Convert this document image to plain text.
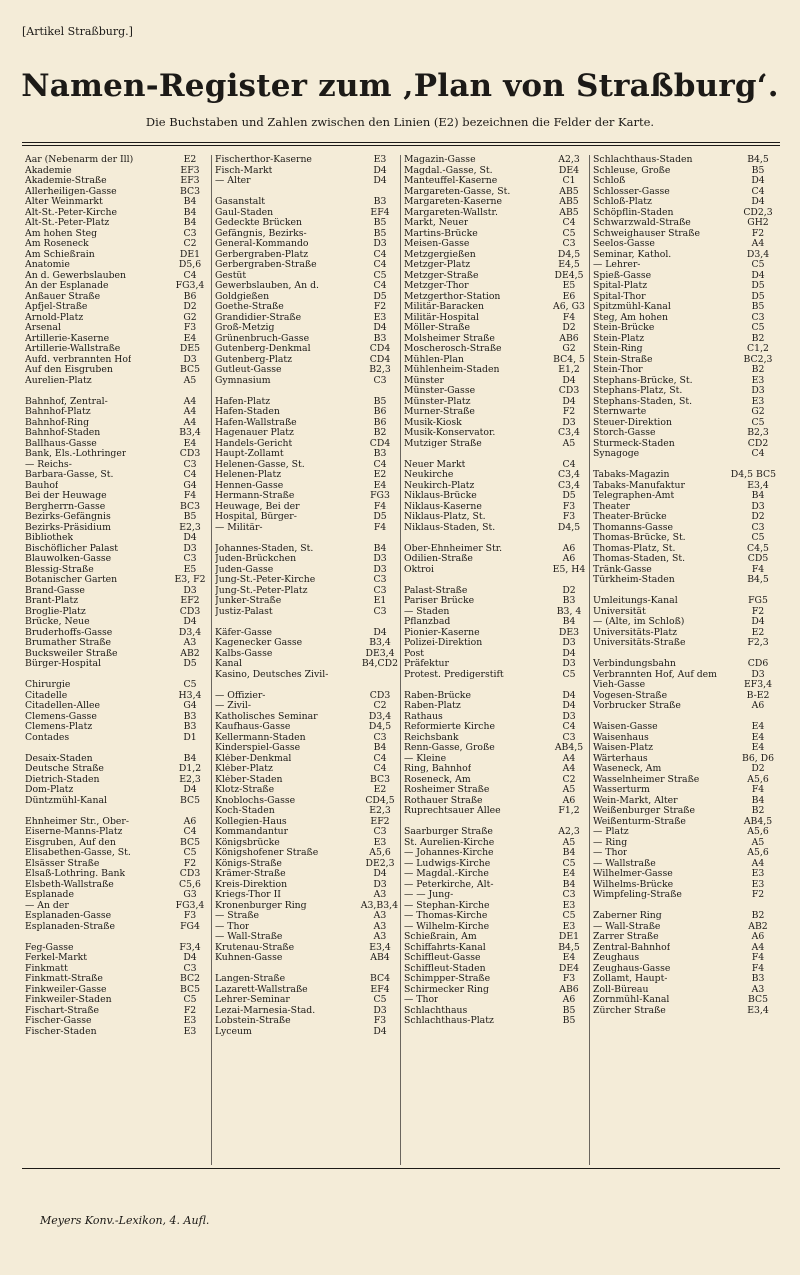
[Artikel Straßburg.]
Namen-Register zum ‚Plan von Straßburg‘.
Die Buchstaben und Zahlen zwischen den Linien (E2) bezeichnen die Felder der Karte.
Aar (Nebenarm der Ill)	E2
Akademie	EF3
Akademie-Straße	EF3
Allerheiligen-Gasse	BC3
Alter Weinmarkt	B4
Alt-St.-Peter-Kirche	B4
Alt-St.-Peter-Platz	B4
Am hohen Steg	C3
Am Roseneck	C2
Am Schießrain	DE1
Anatomie	D5,6
An d. Gewerbslauben	C4
An der Esplanade	FG3,4
Anßauer Straße	B6
Apfjel-Straße	D2
Arnold-Platz	G2
Arsenal	F3
Artillerie-Kaserne	E4
Artillerie-Wallstraße	DE5
Aufd. verbrannten Hof	D3
Auf den Eisgruben	BC5
Aurelien-Platz	A5
Bahnhof, Zentral-	A4
Bahnhof-Platz	A4
Bahnhof-Ring	A4
Bahnhof-Staden	B3,4
Ballhaus-Gasse	E4
Bank, Els.-Lothringer	CD3
— Reichs-	C3
Barbara-Gasse, St.	C4
Bauhof	G4
Bei der Heuwage	F4
Bergherrn-Gasse	BC3
Bezirks-Gefängnis	B5
Bezirks-Präsidium	E2,3
Bibliothek	D4
Bischöflicher Palast	D3
Blauwolken-Gasse	C3
Blessig-Straße	E5
Botanischer Garten	E3, F2
Brand-Gasse	D3
Brant-Platz	EF2
Broglie-Platz	CD3
Brücke, Neue	D4
Bruderhoffs-Gasse	D3,4
Brumather Straße	A3
Bucksweiler Straße	AB2
Bürger-Hospital	D5
Chirurgie	C5
Citadelle	H3,4
Citadellen-Allee	G4
Clemens-Gasse	B3
Clemens-Platz	B3
Contades	D1
Desaix-Staden	B4
Deutsche Straße	D1,2
Dietrich-Staden	E2,3
Dom-Platz	D4
Düntzmühl-Kanal	BC5
Ehnheimer Str., Ober-	A6
Eiserne-Manns-Platz	C4
Eisgruben, Auf den	BC5
Elisabethen-Gasse, St.	C5
Elsässer Straße	F2
Elsaß-Lothring. Bank	CD3
Elsbeth-Wallstraße	C5,6
Esplanade	G3
— An der	FG3,4
Esplanaden-Gasse	F3
Esplanaden-Straße	FG4
Feg-Gasse	F3,4
Ferkel-Markt	D4
Finkmatt	C3
Finkmatt-Straße	BC2
Finkweiler-Gasse	BC5
Finkweiler-Staden	C5
Fischart-Straße	F2
Fischer-Gasse	E3
Fischer-Staden	E3
Fischerthor-Kaserne	E3
Fisch-Markt	D4
— Alter	D4
Gasanstalt	B3
Gaul-Staden	EF4
Gedeckte Brücken	B5
Gefängnis, Bezirks-	B5
General-Kommando	D3
Gerbergraben-Platz	C4
Gerbergraben-Straße	C4
Gestüt	C5
Gewerbslauben, An d.	C4
Goldgießen	D5
Goethe-Straße	F2
Grandidier-Straße	E3
Groß-Metzig	D4
Grünenbruch-Gasse	B3
Gutenberg-Denkmal	CD4
Gutenberg-Platz	CD4
Gutleut-Gasse	B2,3
Gymnasium	C3
Hafen-Platz	B5
Hafen-Staden	B6
Hafen-Wallstraße	B6
Hagenauer Platz	B2
Handels-Gericht	CD4
Haupt-Zollamt	B3
Helenen-Gasse, St.	C4
Helenen-Platz	E2
Hennen-Gasse	E4
Hermann-Straße	FG3
Heuwage, Bei der	F4
Hospital, Bürger-	D5
— Militär-	F4
Johannes-Staden, St.	B4
Juden-Brückchen	D3
Juden-Gasse	D3
Jung-St.-Peter-Kirche	C3
Jung-St.-Peter-Platz	C3
Junker-Straße	E1
Justiz-Palast	C3
Käfer-Gasse	D4
Kagenecker Gasse	B3,4
Kalbs-Gasse	DE3,4
Kanal	B4,CD2
Kasino, Deutsches Zivil-
— Offizier-	CD3
— Zivil-	C2
Katholisches Seminar	D3,4
Kaufhaus-Gasse	D4,5
Kellermann-Staden	C3
Kinderspiel-Gasse	B4
Kléber-Denkmal	C4
Kléber-Platz	C4
Kléber-Staden	BC3
Klotz-Straße	E2
Knoblochs-Gasse	CD4,5
Koch-Staden	E2,3
Kollegien-Haus	EF2
Kommandantur	C3
Königsbrücke	E3
Königshofener Straße	A5,6
Königs-Straße	DE2,3
Krämer-Straße	D4
Kreis-Direktion	D3
Kriegs-Thor II	A3
Kronenburger Ring	A3,B3,4
— Straße	A3
— Thor	A3
— Wall-Straße	A3
Krutenau-Straße	E3,4
Kuhnen-Gasse	AB4
Langen-Straße	BC4
Lazarett-Wallstraße	EF4
Lehrer-Seminar	C5
Lezai-Marnesia-Stad.	D3
Lobstein-Straße	F3
Lyceum	D4
Magazin-Gasse	A2,3
Magdal.-Gasse, St.	DE4
Manteuffel-Kaserne	C1
Margareten-Gasse, St.	AB5
Margareten-Kaserne	AB5
Margareten-Wallstr.	AB5
Markt, Neuer	C4
Martins-Brücke	C5
Meisen-Gasse	C3
Metzgergießen	D4,5
Metzger-Platz	E4,5
Metzger-Straße	DE4,5
Metzger-Thor	E5
Metzgerthor-Station	E6
Militär-Baracken	A6, G3
Militär-Hospital	F4
Möller-Straße	D2
Molsheimer Straße	AB6
Moscherosch-Straße	G2
Mühlen-Plan	BC4, 5
Mühlenheim-Staden	E1,2
Münster	D4
Münster-Gasse	CD3
Münster-Platz	D4
Murner-Straße	F2
Musik-Kiosk	D3
Musik-Konservator.	C3,4
Mutziger Straße	A5
Neuer Markt	C4
Neukirche	C3,4
Neukirch-Platz	C3,4
Niklaus-Brücke	D5
Niklaus-Kaserne	F3
Niklaus-Platz, St.	F3
Niklaus-Staden, St.	D4,5
Ober-Ehnheimer Str.	A6
Odilien-Straße	A6
Oktroi	E5, H4
Palast-Straße	D2
Pariser Brücke	B3
— Staden	B3, 4
Pflanzbad	B4
Pionier-Kaserne	DE3
Polizei-Direktion	D3
Post	D4
Präfektur	D3
Protest. Predigerstift	C5
Raben-Brücke	D4
Raben-Platz	D4
Rathaus	D3
Reformierte Kirche	C4
Reichsbank	C3
Renn-Gasse, Große	AB4,5
— Kleine	A4
Ring, Bahnhof	A4
Roseneck, Am	C2
Rosheimer Straße	A5
Rothauer Straße	A6
Ruprechtsauer Allee	F1,2
Saarburger Straße	A2,3
St. Aurelien-Kirche	A5
— Johannes-Kirche	B4
— Ludwigs-Kirche	C5
— Magdal.-Kirche	E4
— Peterkirche, Alt-	B4
— — Jung-	C3
— Stephan-Kirche	E3
— Thomas-Kirche	C5
— Wilhelm-Kirche	E3
Schießrain, Am	DE1
Schiffahrts-Kanal	B4,5
Schiffleut-Gasse	E4
Schiffleut-Staden	DE4
Schimpper-Straße	F3
Schirmecker Ring	AB6
— Thor	A6
Schlachthaus	B5
Schlachthaus-Platz	B5
Schlachthaus-Staden	B4,5
Schleuse, Große	B5
Schloß	D4
Schlosser-Gasse	C4
Schloß-Platz	D4
Schöpflin-Staden	CD2,3
Schwarzwald-Straße	GH2
Schweighauser Straße	F2
Seelos-Gasse	A4
Seminar, Kathol.	D3,4
— Lehrer-	C5
Spieß-Gasse	D4
Spital-Platz	D5
Spital-Thor	D5
Spitzmühl-Kanal	B5
Steg, Am hohen	C3
Stein-Brücke	C5
Stein-Platz	B2
Stein-Ring	C1,2
Stein-Straße	BC2,3
Stein-Thor	B2
Stephans-Brücke, St.	E3
Stephans-Platz, St.	D3
Stephans-Staden, St.	E3
Sternwarte	G2
Steuer-Direktion	C5
Storch-Gasse	B2,3
Sturmeck-Staden	CD2
Synagoge	C4
Tabaks-Magazin	D4,5 BC5
Tabaks-Manufaktur	E3,4
Telegraphen-Amt	B4
Theater	D3
Theater-Brücke	D2
Thomanns-Gasse	C3
Thomas-Brücke, St.	C5
Thomas-Platz, St.	C4,5
Thomas-Staden, St.	CD5
Tränk-Gasse	F4
Türkheim-Staden	B4,5
Umleitungs-Kanal	FG5
Universität	F2
— (Alte, im Schloß)	D4
Universitäts-Platz	E2
Universitäts-Straße	F2,3
Verbindungsbahn	CD6
Verbrannten Hof, Auf dem	D3
Vieh-Gasse	EF3,4
Vogesen-Straße	B-E2
Vorbrucker Straße	A6
Waisen-Gasse	E4
Waisenhaus	E4
Waisen-Platz	E4
Wärterhaus	B6, D6
Waseneck, Am	D2
Wasselnheimer Straße	A5,6
Wasserturm	F4
Wein-Markt, Alter	B4
Weißenburger Straße	B2
Weißenturm-Straße	AB4,5
— Platz	A5,6
— Ring	A5
— Thor	A5,6
— Wallstraße	A4
Wilhelmer-Gasse	E3
Wilhelms-Brücke	E3
Wimpfeling-Straße	F2
Zaberner Ring	B2
— Wall-Straße	AB2
Zarrer Straße	A6
Zentral-Bahnhof	A4
Zeughaus	F4
Zeughaus-Gasse	F4
Zollamt, Haupt-	B3
Zoll-Büreau	A3
Zornmühl-Kanal	BC5
Zürcher Straße	E3,4
Meyers Konv.-Lexikon, 4. Aufl.
